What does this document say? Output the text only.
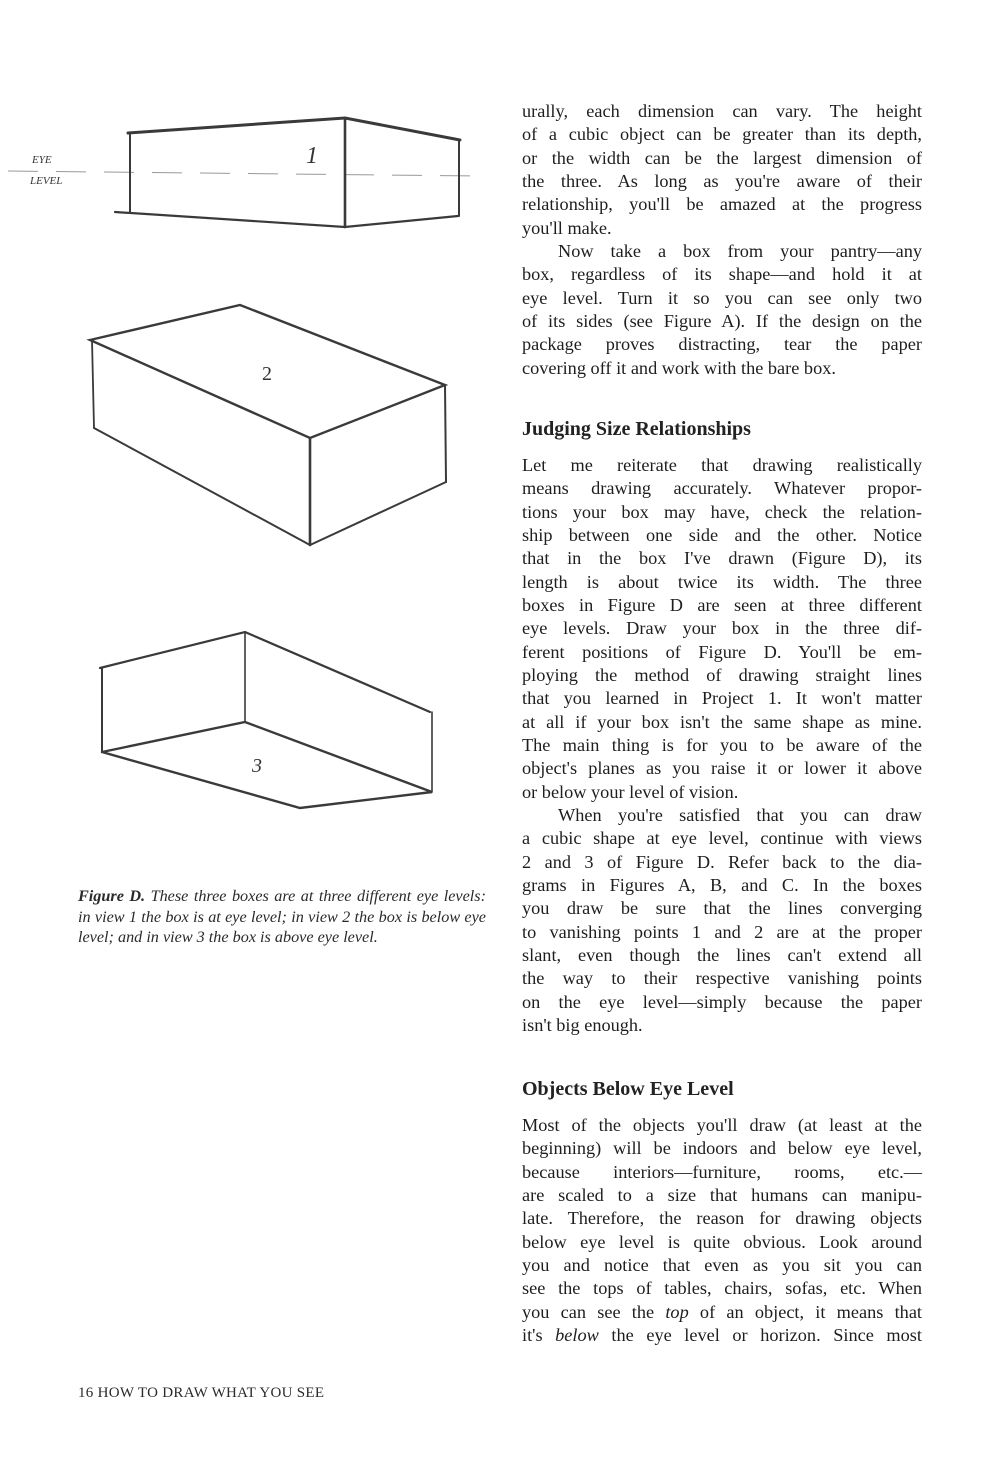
EYE
LEVEL
1
2
3
Figure D. These three boxes are at three different eye levels: in view 1 the box is at eye level; in view 2 the box is below eye level; and in view 3 the box is above eye level.
urally, each dimension can vary. The height
of a cubic object can be greater than its depth,
or the width can be the largest dimension of
the three. As long as you're aware of their
relationship, you'll be amazed at the progress
you'll make.
Now take a box from your pantry—any
box, regardless of its shape—and hold it at
eye level. Turn it so you can see only two
of its sides (see Figure A). If the design on the
package proves distracting, tear the paper
covering off it and work with the bare box.
Judging Size Relationships
Let me reiterate that drawing realistically
means drawing accurately. Whatever propor-
tions your box may have, check the relation-
ship between one side and the other. Notice
that in the box I've drawn (Figure D), its
length is about twice its width. The three
boxes in Figure D are seen at three different
eye levels. Draw your box in the three dif-
ferent positions of Figure D. You'll be em-
ploying the method of drawing straight lines
that you learned in Project 1. It won't matter
at all if your box isn't the same shape as mine.
The main thing is for you to be aware of the
object's planes as you raise it or lower it above
or below your level of vision.
When you're satisfied that you can draw
a cubic shape at eye level, continue with views
2 and 3 of Figure D. Refer back to the dia-
grams in Figures A, B, and C. In the boxes
you draw be sure that the lines converging
to vanishing points 1 and 2 are at the proper
slant, even though the lines can't extend all
the way to their respective vanishing points
on the eye level—simply because the paper
isn't big enough.
Objects Below Eye Level
Most of the objects you'll draw (at least at the
beginning) will be indoors and below eye level,
because interiors—furniture, rooms, etc.—
are scaled to a size that humans can manipu-
late. Therefore, the reason for drawing objects
below eye level is quite obvious. Look around
you and notice that even as you sit you can
see the tops of tables, chairs, sofas, etc. When
you can see the top of an object, it means that
it's below the eye level or horizon. Since most
16 HOW TO DRAW WHAT YOU SEE
